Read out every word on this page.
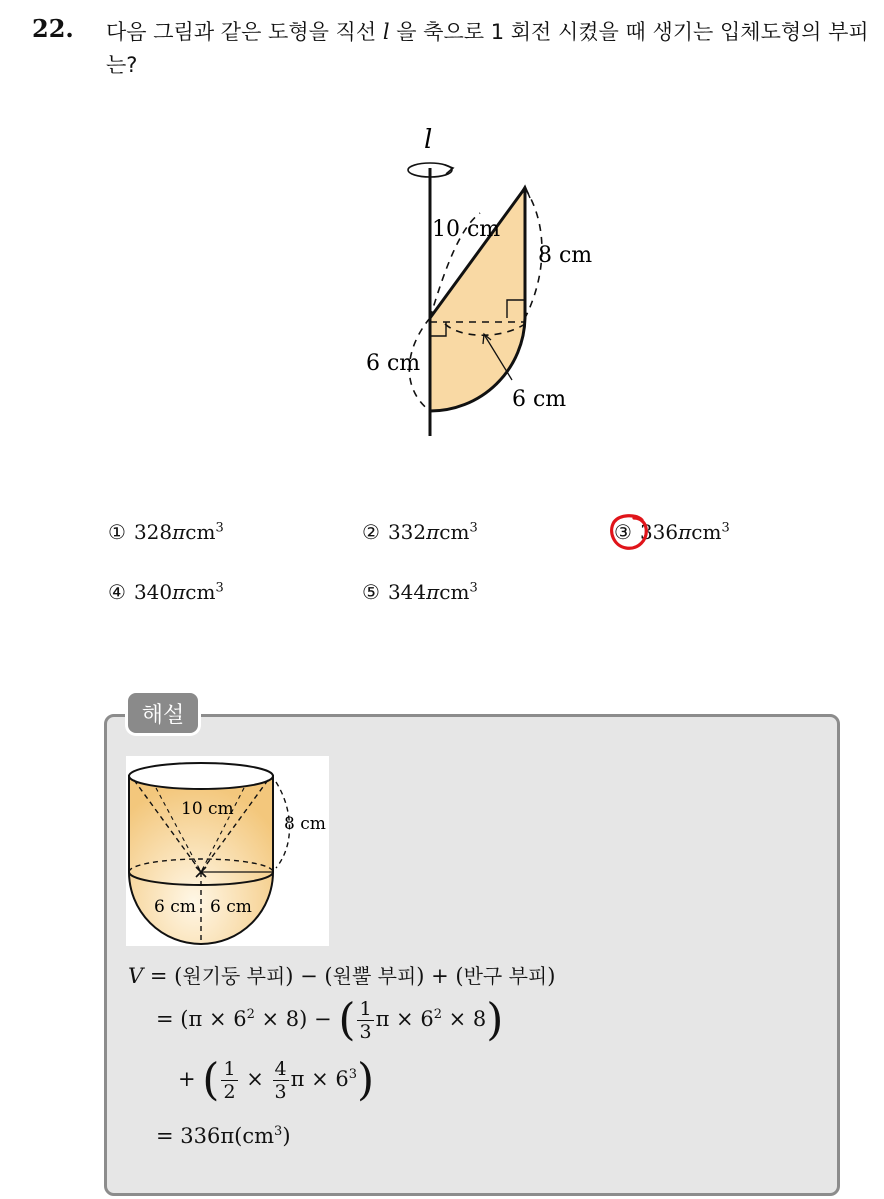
22. 다음 그림과 같은 도형을 직선 l 을 축으로 1 회전 시켰을 때 생기는 입체도형의 부피는?
l
10 cm
8 cm
6 cm
6 cm
① 328πcm$^3$	② 332πcm$^3$	③ 336πcm$^3$
④ 340πcm$^3$	⑤ 344πcm$^3$
해설
10 cm
8 cm
6 cm 6 cm
V = (원기둥 부피) − (원뿔 부피) + (반구 부피)
= $(\pi \times 6^2 \times 8)$ − ( $\frac{1}{3}$ $\pi \times 6^2 \times 8$)
+ ( $\frac{1}{2} \times \frac{4}{3}$ $\pi \times 6^3$)
= $336\pi(cm^3)$
